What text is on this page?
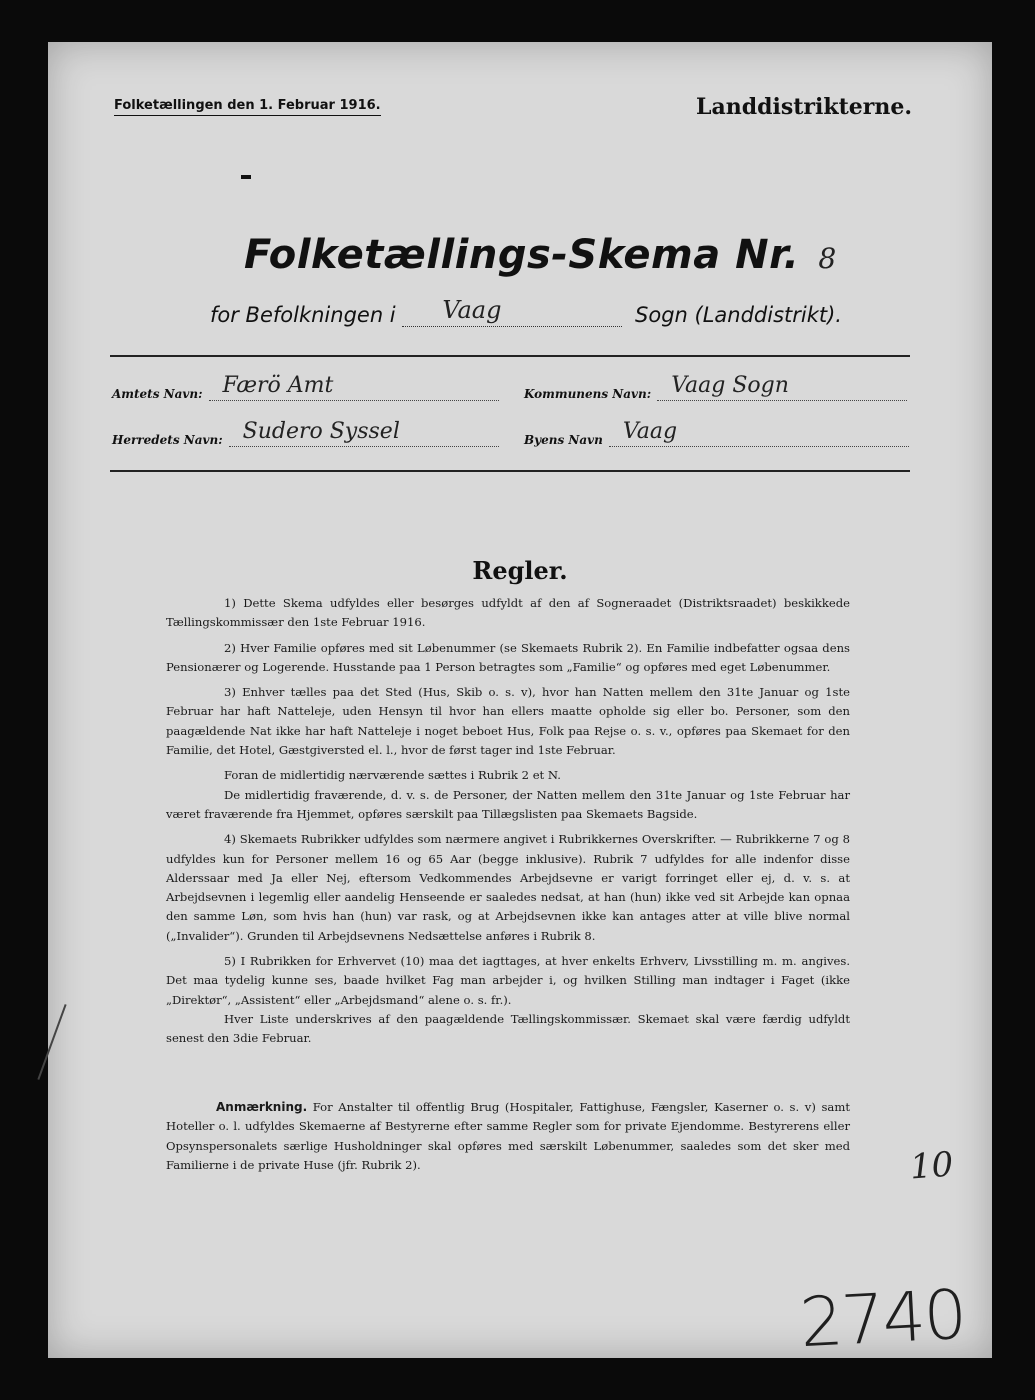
Folketællingen den 1. Februar 1916.	Landdistrikterne.
Folketællings-Skema Nr. 8
for Befolkningen i Vaag	Sogn (Landdistrikt).
Amtets Navn: Færö Amt	Kommunens Navn: Vaag Sogn
Herredets Navn: Sudero Syssel	Byens Navn Vaag
Regler.

1) Dette Skema udfyldes eller besørges udfyldt af den af Sogneraadet (Distriktsraadet) beskikkede Tællingskommissær den 1ste Februar 1916.

2) Hver Familie opføres med sit Løbenummer (se Skemaets Rubrik 2). En Familie indbefatter ogsaa dens Pensionærer og Logerende. Husstande paa 1 Person betragtes som „Familie“ og opføres med eget Løbenummer.

3) Enhver tælles paa det Sted (Hus, Skib o. s. v), hvor han Natten mellem den 31te Januar og 1ste Februar har haft Natteleje, uden Hensyn til hvor han ellers maatte opholde sig eller bo. Personer, som den paagældende Nat ikke har haft Natteleje i noget beboet Hus, Folk paa Rejse o. s. v., opføres paa Skemaet for den Familie, det Hotel, Gæstgiversted el. l., hvor de først tager ind 1ste Februar.

Foran de midlertidig nærværende sættes i Rubrik 2 et N.

De midlertidig fraværende, d. v. s. de Personer, der Natten mellem den 31te Januar og 1ste Februar har været fraværende fra Hjemmet, opføres særskilt paa Tillægslisten paa Skemaets Bagside.

4) Skemaets Rubrikker udfyldes som nærmere angivet i Rubrikkernes Overskrifter. — Rubrikkerne 7 og 8 udfyldes kun for Personer mellem 16 og 65 Aar (begge inklusive). Rubrik 7 udfyldes for alle indenfor disse Alderssaar med Ja eller Nej, eftersom Vedkommendes Arbejdsevne er varigt forringet eller ej, d. v. s. at Arbejdsevnen i legemlig eller aandelig Henseende er saaledes nedsat, at han (hun) ikke ved sit Arbejde kan opnaa den samme Løn, som hvis han (hun) var rask, og at Arbejdsevnen ikke kan antages atter at ville blive normal („Invalider“). Grunden til Arbejdsevnens Nedsættelse anføres i Rubrik 8.

5) I Rubrikken for Erhvervet (10) maa det iagttages, at hver enkelts Erhverv, Livsstilling m. m. angives. Det maa tydelig kunne ses, baade hvilket Fag man arbejder i, og hvilken Stilling man indtager i Faget (ikke „Direktør“, „Assistent“ eller „Arbejdsmand“ alene o. s. fr.).

Hver Liste underskrives af den paagældende Tællingskommissær. Skemaet skal være færdig udfyldt senest den 3die Februar.

Anmærkning. For Anstalter til offentlig Brug (Hospitaler, Fattighuse, Fængsler, Kaserner o. s. v) samt Hoteller o. l. udfyldes Skemaerne af Bestyrerne efter samme Regler som for private Ejendomme. Bestyrerens eller Opsynspersonalets særlige Husholdninger skal opføres med særskilt Løbenummer, saaledes som det sker med Familierne i de private Huse (jfr. Rubrik 2).	10
2740
